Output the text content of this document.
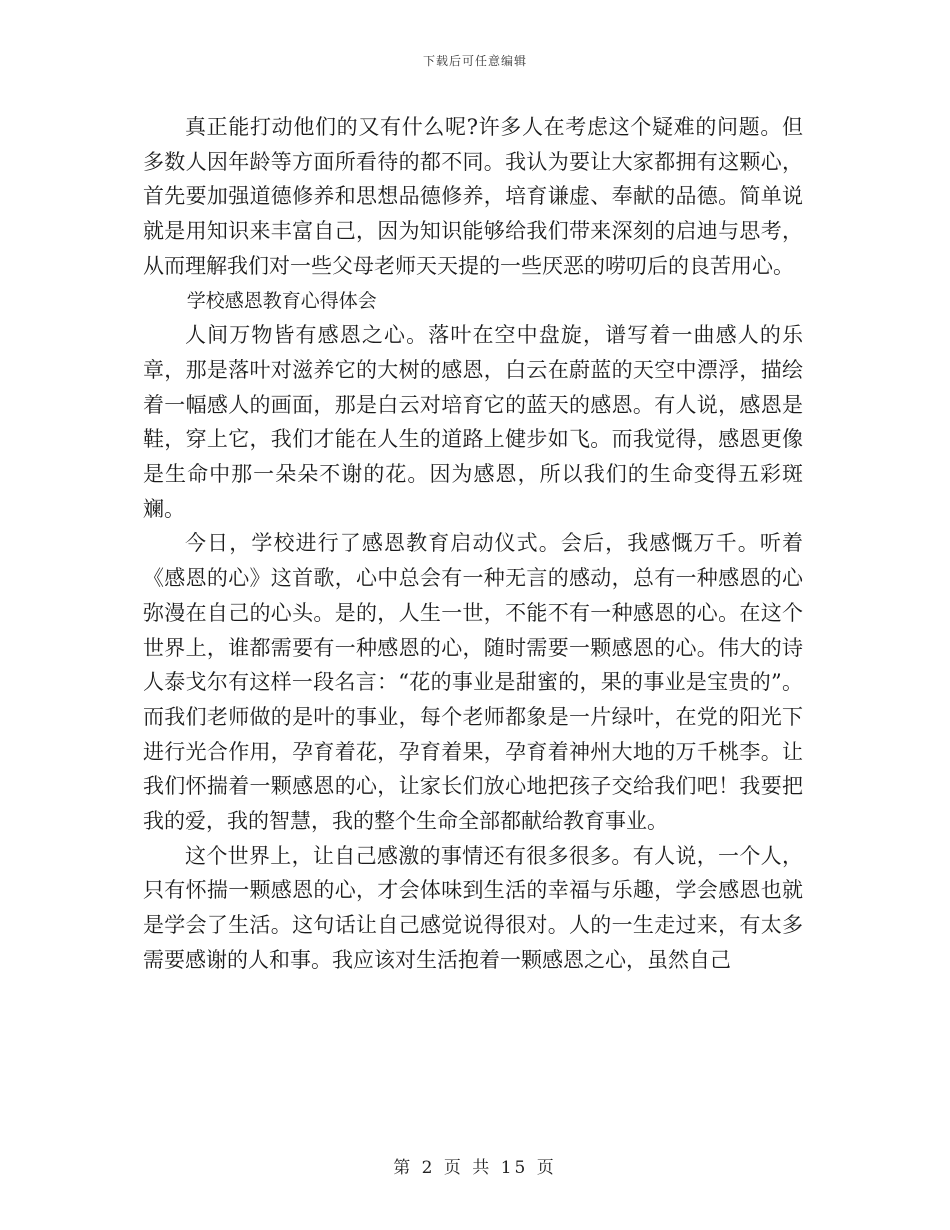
下载后可任意编辑

真正能打动他们的又有什么呢?许多人在考虑这个疑难的问题。但多数人因年龄等方面所看待的都不同。我认为要让大家都拥有这颗心，首先要加强道德修养和思想品德修养，培育谦虚、奉献的品德。简单说就是用知识来丰富自己，因为知识能够给我们带来深刻的启迪与思考，从而理解我们对一些父母老师天天提的一些厌恶的唠叨后的良苦用心。

学校感恩教育心得体会

人间万物皆有感恩之心。落叶在空中盘旋，谱写着一曲感人的乐章，那是落叶对滋养它的大树的感恩，白云在蔚蓝的天空中漂浮，描绘着一幅感人的画面，那是白云对培育它的蓝天的感恩。有人说，感恩是鞋，穿上它，我们才能在人生的道路上健步如飞。而我觉得，感恩更像是生命中那一朵朵不谢的花。因为感恩，所以我们的生命变得五彩斑斓。

今日，学校进行了感恩教育启动仪式。会后，我感慨万千。听着《感恩的心》这首歌，心中总会有一种无言的感动，总有一种感恩的心弥漫在自己的心头。是的，人生一世，不能不有一种感恩的心。在这个世界上，谁都需要有一种感恩的心，随时需要一颗感恩的心。伟大的诗人泰戈尔有这样一段名言：“花的事业是甜蜜的，果的事业是宝贵的”。而我们老师做的是叶的事业，每个老师都象是一片绿叶，在党的阳光下进行光合作用，孕育着花，孕育着果，孕育着神州大地的万千桃李。让我们怀揣着一颗感恩的心，让家长们放心地把孩子交给我们吧！我要把我的爱，我的智慧，我的整个生命全部都献给教育事业。

这个世界上，让自己感激的事情还有很多很多。有人说，一个人，只有怀揣一颗感恩的心，才会体味到生活的幸福与乐趣，学会感恩也就是学会了生活。这句话让自己感觉说得很对。人的一生走过来，有太多需要感谢的人和事。我应该对生活抱着一颗感恩之心，虽然自己

第 2 页 共 15 页
